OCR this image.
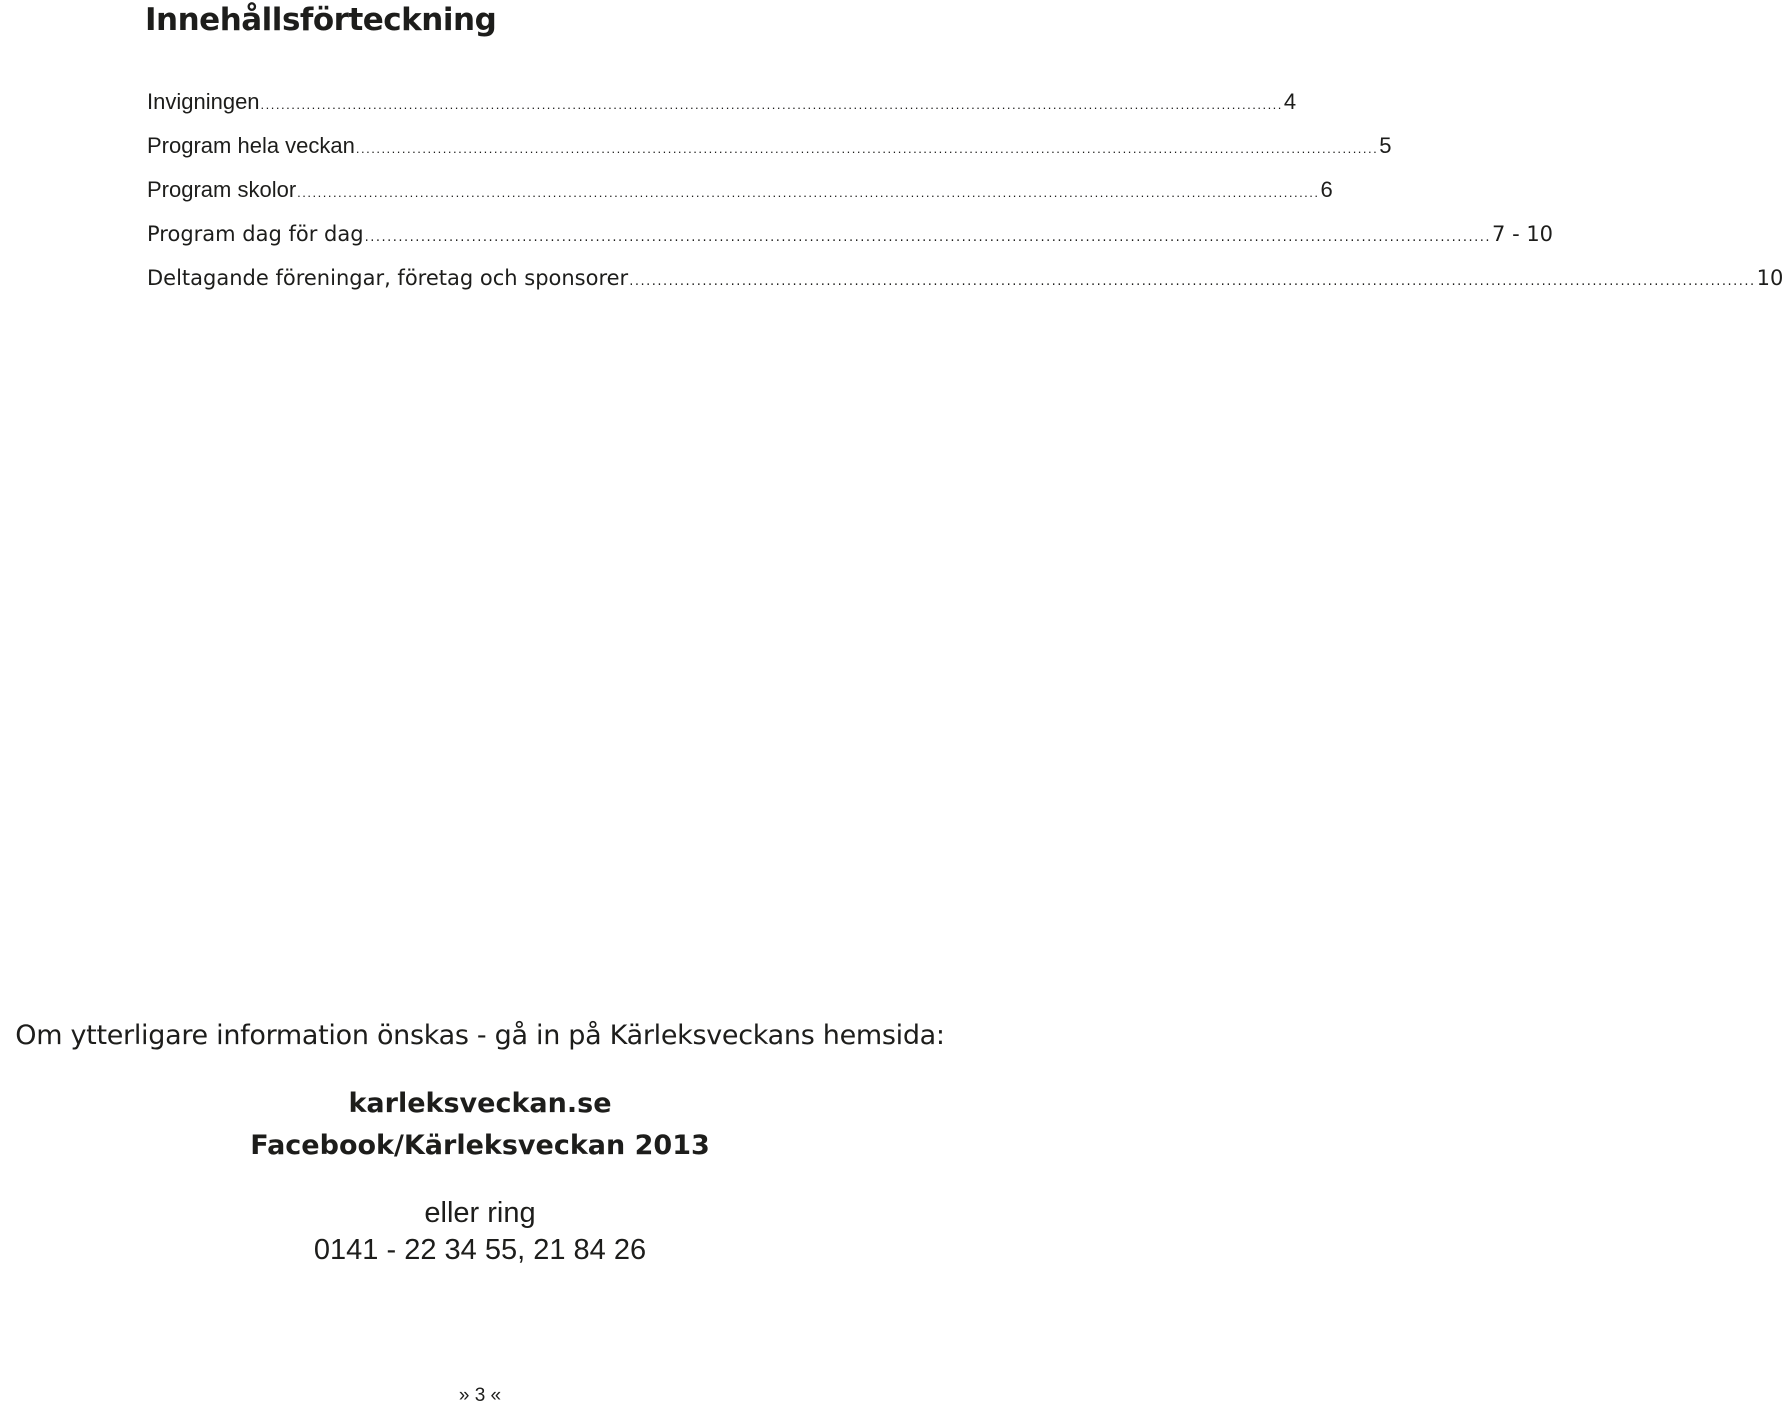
Innehållsförteckning
Invigningen ........................................................................................................................................................................................................ 4
Program hela veckan ........................................................................................................................................................................................................ 5
Program skolor ........................................................................................................................................................................................................ 6
Program dag för dag ........................................................................................................................................................................................................ 7 - 10
Deltagande föreningar, företag och sponsorer ........................................................................................................................................................................................................ 10

Om ytterligare information önskas - gå in på Kärleksveckans hemsida:

karleksveckan.se
Facebook/Kärleksveckan 2013
eller ring
0141 - 22 34 55, 21 84 26
» 3 «
